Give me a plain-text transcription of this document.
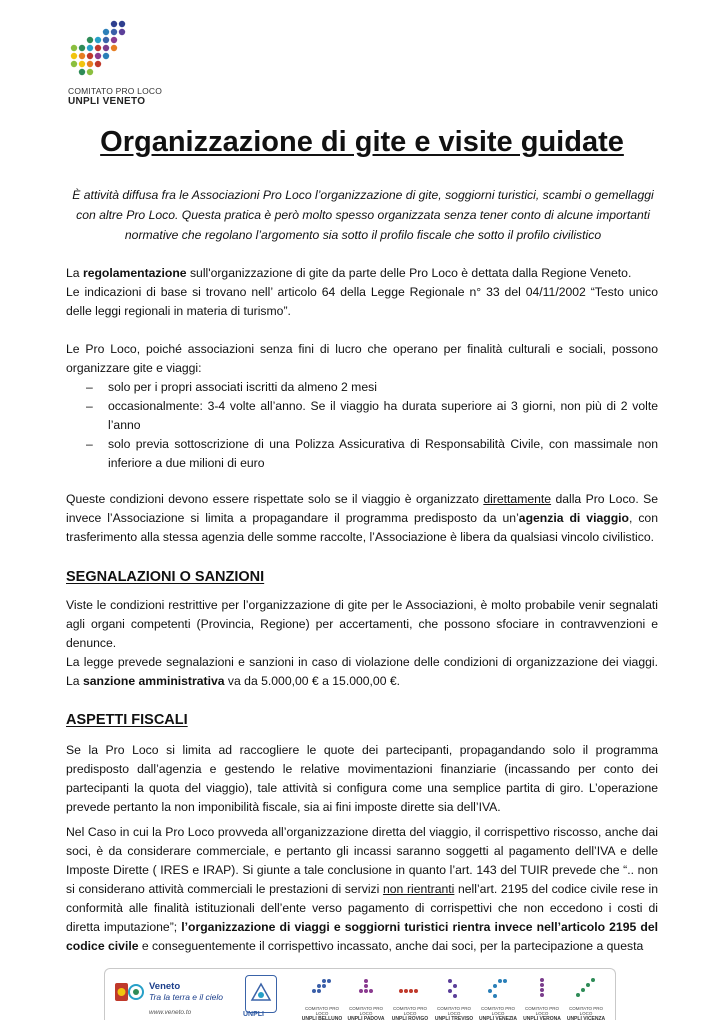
COMITATO PRO LOCO
UNPLI VENETO
Organizzazione di gite e visite guidate

È attività diffusa fra le Associazioni Pro Loco l’organizzazione di gite, soggiorni turistici, scambi o gemellaggi con altre Pro Loco. Questa pratica è però molto spesso organizzata senza tener conto di alcune importanti normative che regolano l’argomento sia sotto il profilo fiscale che sotto il profilo civilistico

La regolamentazione sull'organizzazione di gite da parte delle Pro Loco è dettata dalla Regione Veneto.
Le indicazioni di base si trovano nell’ articolo 64 della Legge Regionale n° 33 del 04/11/2002 “Testo unico delle leggi regionali in materia di turismo”.

Le Pro Loco, poiché associazioni senza fini di lucro che operano per finalità culturali e sociali, possono organizzare gite e viaggi:

– solo per i propri associati iscritti da almeno 2 mesi
– occasionalmente: 3-4 volte all’anno. Se il viaggio ha durata superiore ai 3 giorni, non più di 2 volte l’anno
– solo previa sottoscrizione di una Polizza Assicurativa di Responsabilità Civile, con massimale non inferiore a due milioni di euro

Queste condizioni devono essere rispettate solo se il viaggio è organizzato direttamente dalla Pro Loco. Se invece l’Associazione si limita a propagandare il programma predisposto da un’agenzia di viaggio, con trasferimento alla stessa agenzia delle somme raccolte, l’Associazione è libera da qualsiasi vincolo civilistico.

SEGNALAZIONI O SANZIONI

Viste le condizioni restrittive per l’organizzazione di gite per le Associazioni, è molto probabile venir segnalati agli organi competenti (Provincia, Regione) per accertamenti, che possono sfociare in contravvenzioni e denunce.

La legge prevede segnalazioni e sanzioni in caso di violazione delle condizioni di organizzazione dei viaggi. La sanzione amministrativa va da 5.000,00 € a 15.000,00 €.

ASPETTI FISCALI

Se la Pro Loco si limita ad raccogliere le quote dei partecipanti, propagandando solo il programma predisposto dall’agenzia e gestendo le relative movimentazioni finanziarie (incassando per conto dei partecipanti la quota del viaggio), tale attività si configura come una semplice partita di giro. L’operazione prevede pertanto la non imponibilità fiscale, sia ai fini imposte dirette sia dell’IVA.

Nel Caso in cui la Pro Loco provveda all’organizzazione diretta del viaggio, il corrispettivo riscosso, anche dai soci, è da considerare commerciale, e pertanto gli incassi saranno soggetti al pagamento dell’IVA e delle Imposte Dirette ( IRES e IRAP). Si giunte a tale conclusione in quanto l’art. 143 del TUIR prevede che “.. non si considerano attività commerciali le prestazioni di servizi non rientranti nell’art. 2195 del codice civile rese in conformità alle finalità istituzionali dell’ente verso pagamento di corrispettivi che non eccedono i costi di diretta imputazione”; l’organizzazione di viaggi e soggiorni turistici rientra invece nell’articolo 2195 del codice civile e conseguentemente il corrispettivo incassato, anche dai soci, per la partecipazione a questa

Veneto
Tra la terra e il cielo
www.veneto.to	UNPLI
COMITATO PRO LOCO
UNPLI BELLUNO
COMITATO PRO LOCO
UNPLI PADOVA
COMITATO PRO LOCO
UNPLI ROVIGO
COMITATO PRO LOCO
UNPLI TREVISO
COMITATO PRO LOCO
UNPLI VENEZIA
COMITATO PRO LOCO
UNPLI VERONA
COMITATO PRO LOCO
UNPLI VICENZA
